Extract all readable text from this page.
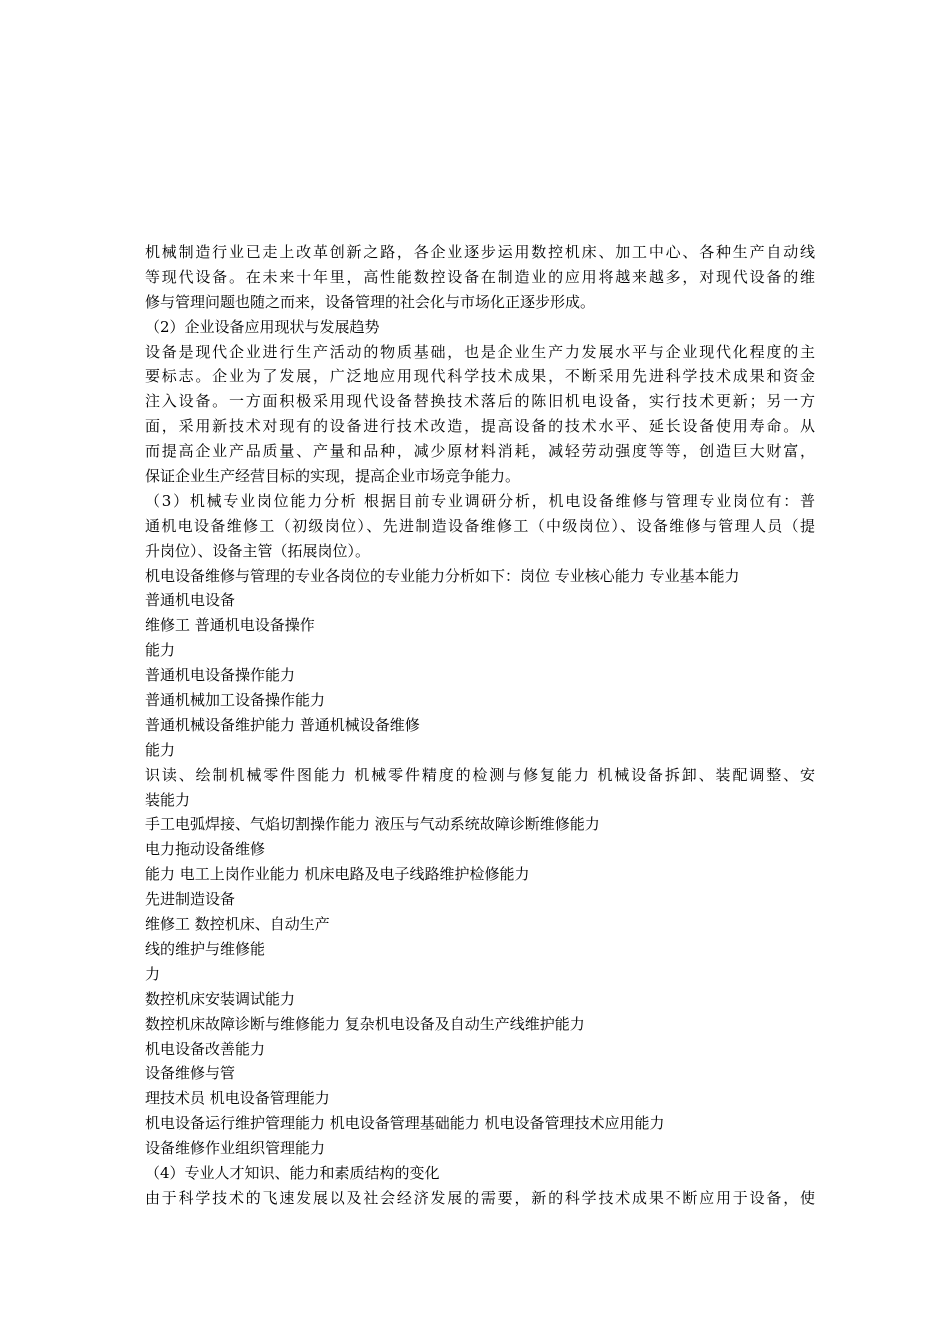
机械制造行业已走上改革创新之路，各企业逐步运用数控机床、加工中心、各种生产自动线
等现代设备。在未来十年里，高性能数控设备在制造业的应用将越来越多，对现代设备的维
修与管理问题也随之而来，设备管理的社会化与市场化正逐步形成。
（2）企业设备应用现状与发展趋势
设备是现代企业进行生产活动的物质基础，也是企业生产力发展水平与企业现代化程度的主
要标志。企业为了发展，广泛地应用现代科学技术成果，不断采用先进科学技术成果和资金
注入设备。一方面积极采用现代设备替换技术落后的陈旧机电设备，实行技术更新；另一方
面，采用新技术对现有的设备进行技术改造，提高设备的技术水平、延长设备使用寿命。从
而提高企业产品质量、产量和品种，减少原材料消耗，减轻劳动强度等等，创造巨大财富，
保证企业生产经营目标的实现，提高企业市场竞争能力。
（3）机械专业岗位能力分析 根据目前专业调研分析，机电设备维修与管理专业岗位有：普
通机电设备维修工（初级岗位）、先进制造设备维修工（中级岗位）、设备维修与管理人员（提
升岗位）、设备主管（拓展岗位）。
机电设备维修与管理的专业各岗位的专业能力分析如下：岗位 专业核心能力 专业基本能力
普通机电设备
维修工 普通机电设备操作
能力
普通机电设备操作能力
普通机械加工设备操作能力
普通机械设备维护能力 普通机械设备维修
能力
识读、绘制机械零件图能力 机械零件精度的检测与修复能力 机械设备拆卸、装配调整、安
装能力
手工电弧焊接、气焰切割操作能力 液压与气动系统故障诊断维修能力
电力拖动设备维修
能力 电工上岗作业能力 机床电路及电子线路维护检修能力
先进制造设备
维修工 数控机床、自动生产
线的维护与维修能
力
数控机床安装调试能力
数控机床故障诊断与维修能力 复杂机电设备及自动生产线维护能力
机电设备改善能力
设备维修与管
理技术员 机电设备管理能力
机电设备运行维护管理能力 机电设备管理基础能力 机电设备管理技术应用能力
设备维修作业组织管理能力
（4）专业人才知识、能力和素质结构的变化
由于科学技术的飞速发展以及社会经济发展的需要，新的科学技术成果不断应用于设备，使
